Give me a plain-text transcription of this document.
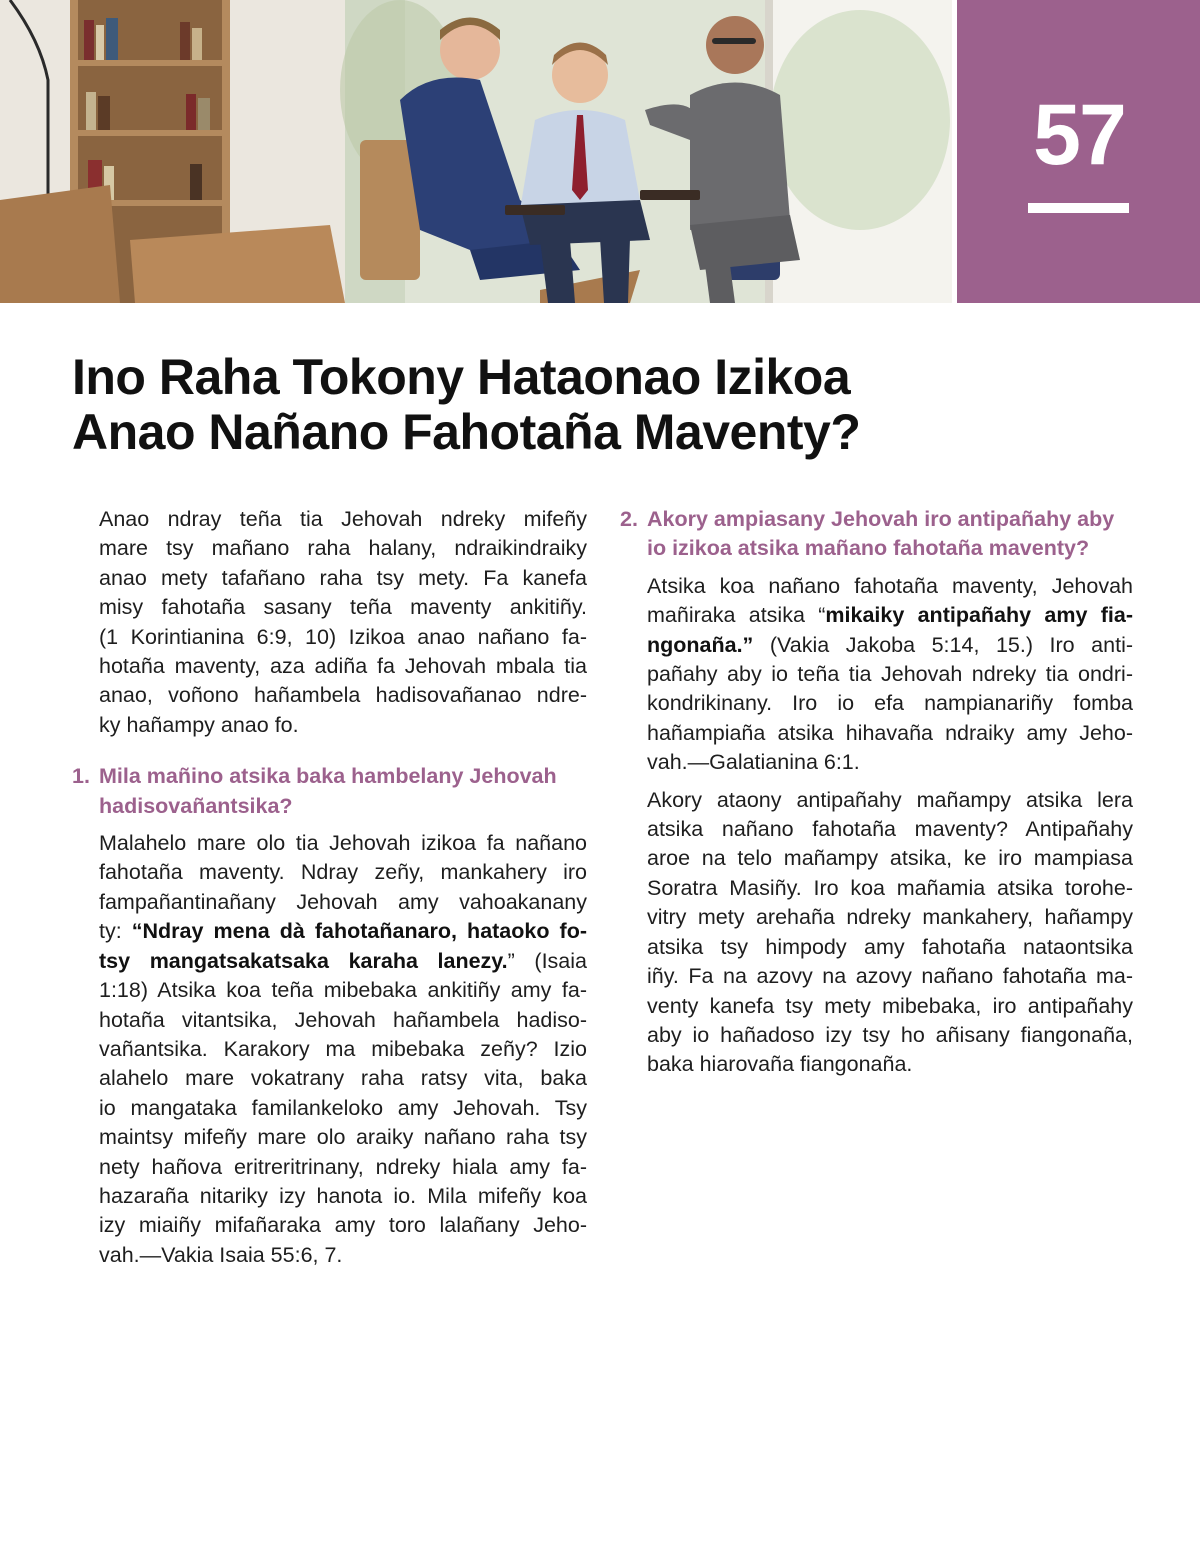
57
Ino Raha Tokony Hataonao Izikoa
Anao Nañano Fahotaña Maventy?
Anao ndray teña tia Jehovah ndreky mifeñy
mare tsy mañano raha halany, ndraikindraiky
anao mety tafañano raha tsy mety. Fa kanefa
misy fahotaña sasany teña maventy ankitiñy.
(1 Korintianina 6:9, 10) Izikoa anao nañano fa-
hotaña maventy, aza adiña fa Jehovah mbala tia
anao, voñono hañambela hadisovañanao ndre-
ky hañampy anao fo.
1. Mila mañino atsika baka hambelany Jehovah
hadisovañantsika?
Malahelo mare olo tia Jehovah izikoa fa nañano
fahotaña maventy. Ndray zeñy, mankahery iro
fampañantinañany Jehovah amy vahoakanany
ty: “Ndray mena dà fahotañanaro, hataoko fo-
tsy mangatsakatsaka karaha lanezy.” (Isaia
1:18) Atsika koa teña mibebaka ankitiñy amy fa-
hotaña vitantsika, Jehovah hañambela hadiso-
vañantsika. Karakory ma mibebaka zeñy? Izio
alahelo mare vokatrany raha ratsy vita, baka
io mangataka familankeloko amy Jehovah. Tsy
maintsy mifeñy mare olo araiky nañano raha tsy
nety hañova eritreritrinany, ndreky hiala amy fa-
hazaraña nitariky izy hanota io. Mila mifeñy koa
izy miaiñy mifañaraka amy toro lalañany Jeho-
vah.—Vakia Isaia 55:6, 7.
2. Akory ampiasany Jehovah iro antipañahy aby
io izikoa atsika mañano fahotaña maventy?
Atsika koa nañano fahotaña maventy, Jehovah
mañiraka atsika “mikaiky antipañahy amy fia-
ngonaña.” (Vakia Jakoba 5:14, 15.) Iro anti-
pañahy aby io teña tia Jehovah ndreky tia ondri-
kondrikinany. Iro io efa nampianariñy fomba
hañampiaña atsika hihavaña ndraiky amy Jeho-
vah.—Galatianina 6:1.
Akory ataony antipañahy mañampy atsika lera
atsika nañano fahotaña maventy? Antipañahy
aroe na telo mañampy atsika, ke iro mampiasa
Soratra Masiñy. Iro koa mañamia atsika torohe-
vitry mety arehaña ndreky mankahery, hañampy
atsika tsy himpody amy fahotaña nataontsika
iñy. Fa na azovy na azovy nañano fahotaña ma-
venty kanefa tsy mety mibebaka, iro antipañahy
aby io hañadoso izy tsy ho añisany fiangonaña,
baka hiarovaña fiangonaña.
